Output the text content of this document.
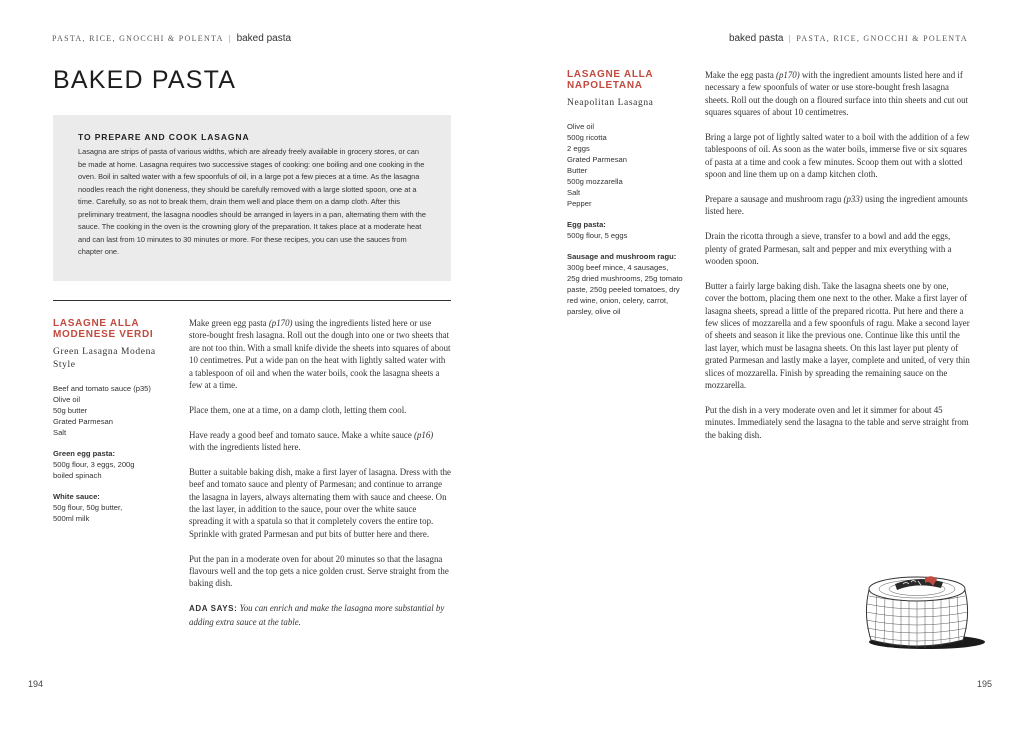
PASTA, RICE, GNOCCHI & POLENTA | baked pasta
BAKED PASTA
TO PREPARE AND COOK LASAGNA

Lasagna are strips of pasta of various widths, which are already freely available in grocery stores, or can be made at home. Lasagna requires two successive stages of cooking: one boiling and one cooking in the oven. Boil in salted water with a few spoonfuls of oil, in a large pot a few pieces at a time. As the lasagna noodles reach the right doneness, they should be carefully removed with a large slotted spoon, one at a time. Carefully, so as not to break them, drain them well and place them on a damp cloth. After this preliminary treatment, the lasagna noodles should be arranged in layers in a pan, alternating them with the sauce. The cooking in the oven is the crowning glory of the preparation. It takes place at a moderate heat and can last from 10 minutes to 30 minutes or more. For these recipes, you can use the sauces from chapter one.

LASAGNE ALLA MODENESE VERDI
Green Lasagna Modena Style
Beef and tomato sauce (p35)
Olive oil
50g butter
Grated Parmesan
Salt
Green egg pasta:
500g flour, 3 eggs, 200g
boiled spinach
White sauce:
50g flour, 50g butter,
500ml milk

Make green egg pasta (p170) using the ingredients listed here or use store-bought fresh lasagna. Roll out the dough into one or two sheets that are not too thin. With a small knife divide the sheets into squares of about 10 centimetres. Put a wide pan on the heat with lightly salted water with a tablespoon of oil and when the water boils, cook the lasagna sheets a few at a time.

Place them, one at a time, on a damp cloth, letting them cool.

Have ready a good beef and tomato sauce. Make a white sauce (p16) with the ingredients listed here.

Butter a suitable baking dish, make a first layer of lasagna. Dress with the beef and tomato sauce and plenty of Parmesan; and continue to arrange the lasagna in layers, always alternating them with sauce and cheese. On the last layer, in addition to the sauce, pour over the white sauce spreading it with a spatula so that it completely covers the entire top. Sprinkle with grated Parmesan and put bits of butter here and there.

Put the pan in a moderate oven for about 20 minutes so that the lasagna flavours well and the top gets a nice golden crust. Serve straight from the baking dish.

ADA SAYS: You can enrich and make the lasagna more substantial by adding extra sauce at the table.

194
baked pasta | PASTA, RICE, GNOCCHI & POLENTA
LASAGNE ALLA NAPOLETANA
Neapolitan Lasagna
Olive oil
500g ricotta
2 eggs
Grated Parmesan
Butter
500g mozzarella
Salt
Pepper
Egg pasta:
500g flour, 5 eggs
Sausage and mushroom ragu:
300g beef mince, 4 sausages,
25g dried mushrooms, 25g tomato
paste, 250g peeled tomatoes, dry
red wine, onion, celery, carrot,
parsley, olive oil

Make the egg pasta (p170) with the ingredient amounts listed here and if necessary a few spoonfuls of water or use store-bought fresh lasagna sheets. Roll out the dough on a floured surface into thin sheets and cut out squares squares of about 10 centimetres.

Bring a large pot of lightly salted water to a boil with the addition of a few tablespoons of oil. As soon as the water boils, immerse five or six squares of pasta at a time and cook a few minutes. Scoop them out with a slotted spoon and line them up on a damp kitchen cloth.

Prepare a sausage and mushroom ragu (p33) using the ingredient amounts listed here.

Drain the ricotta through a sieve, transfer to a bowl and add the eggs, plenty of grated Parmesan, salt and pepper and mix everything with a wooden spoon.

Butter a fairly large baking dish. Take the lasagna sheets one by one, cover the bottom, placing them one next to the other. Make a first layer of lasagna sheets, spread a little of the prepared ricotta. Put here and there a few slices of mozzarella and a few spoonfuls of ragu. Make a second layer of sheets and season it like the previous one. Continue like this until the last layer, which must be lasagna sheets. On this last layer put plenty of grated Parmesan and lastly make a layer, complete and united, of very thin slices of mozzarella. Finish by spreading the remaining sauce on the mozzarella.

Put the dish in a very moderate oven and let it simmer for about 45 minutes. Immediately send the lasagna to the table and serve straight from the baking dish.

195
